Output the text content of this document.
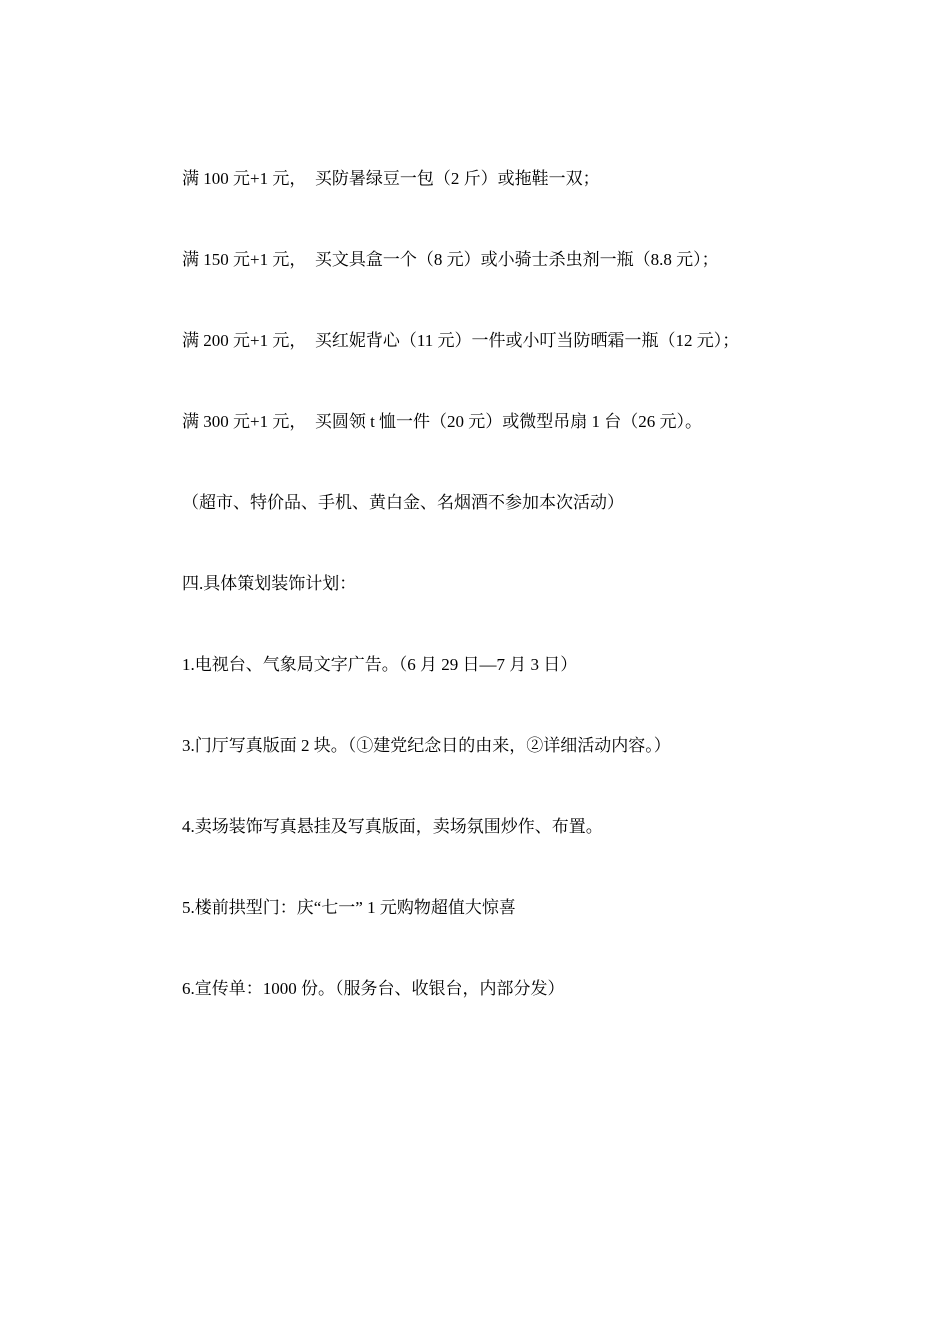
满 100 元+1 元，  买防暑绿豆一包（2 斤）或拖鞋一双；

满 150 元+1 元，  买文具盒一个（8 元）或小骑士杀虫剂一瓶（8.8 元）；

满 200 元+1 元，  买红妮背心（11 元）一件或小叮当防晒霜一瓶（12 元）；

满 300 元+1 元，  买圆领 t 恤一件（20 元）或微型吊扇 1 台（26 元）。

（超市、特价品、手机、黄白金、名烟酒不参加本次活动）

四.具体策划装饰计划：

1.电视台、气象局文字广告。（6 月 29 日—7 月 3 日）

3.门厅写真版面 2 块。（①建党纪念日的由来，②详细活动内容。）

4.卖场装饰写真悬挂及写真版面，卖场氛围炒作、布置。

5.楼前拱型门：庆“七一” 1 元购物超值大惊喜

6.宣传单：1000 份。（服务台、收银台，内部分发）
